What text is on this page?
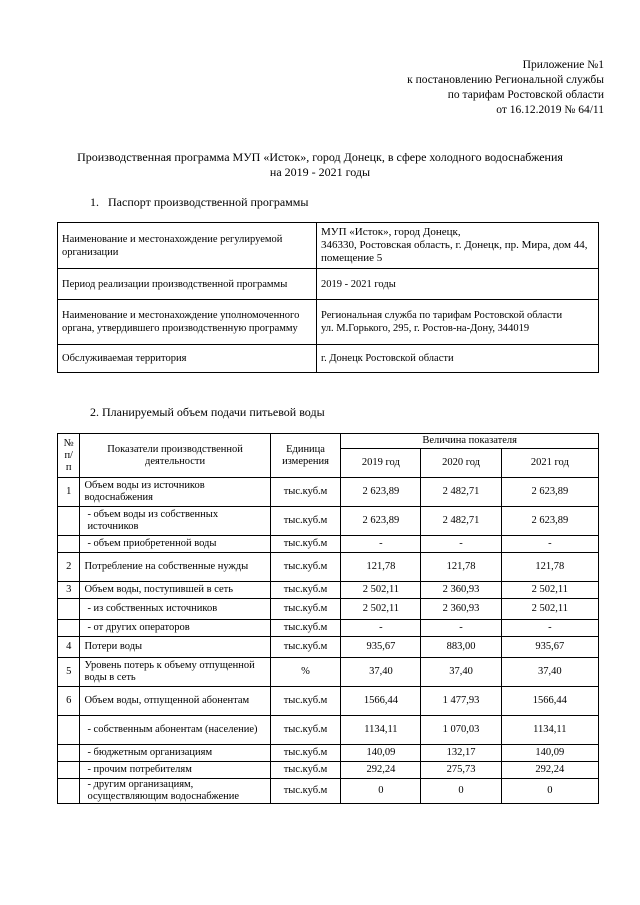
Приложение №1
к постановлению Региональной службы
по тарифам Ростовской области
от 16.12.2019 № 64/11
Производственная программа МУП «Исток», город Донецк, в сфере холодного водоснабжения
на 2019 - 2021 годы
1.   Паспорт производственной программы
Наименование и местонахождение регулируемой организации	МУП «Исток», город Донецк,
346330, Ростовская область, г. Донецк, пр. Мира, дом 44, помещение 5

Период реализации производственной программы	2019 - 2021 годы
Наименование и местонахождение уполномоченного органа, утвердившего производственную программу	Региональная служба по тарифам Ростовской области
ул. М.Горького, 295, г. Ростов-на-Дону, 344019

Обслуживаемая территория	г. Донецк Ростовской области
2. Планируемый объем подачи питьевой воды
№ п/п	Показатели производственной деятельности	Единица измерения	Величина показателя		
			2019 год	2020 год	2021 год
1	Объем воды из источников водоснабжения	тыс.куб.м	2 623,89	2 482,71	2 623,89
	- объем воды из собственных источников	тыс.куб.м	2 623,89	2 482,71	2 623,89
	- объем приобретенной воды	тыс.куб.м	-	-	-
2	Потребление на собственные нужды	тыс.куб.м	121,78	121,78	121,78
3	Объем воды, поступившей в сеть	тыс.куб.м	2 502,11	2 360,93	2 502,11
	- из собственных источников	тыс.куб.м	2 502,11	2 360,93	2 502,11
	- от других операторов	тыс.куб.м	-	-	-
4	Потери воды	тыс.куб.м	935,67	883,00	935,67
5	Уровень потерь к объему отпущенной воды в сеть	%	37,40	37,40	37,40
6	Объем воды, отпущенной абонентам	тыс.куб.м	1566,44	1 477,93	1566,44
	- собственным абонентам (население)	тыс.куб.м	1134,11	1 070,03	1134,11
	- бюджетным организациям	тыс.куб.м	140,09	132,17	140,09
	- прочим потребителям	тыс.куб.м	292,24	275,73	292,24
	- другим организациям, осуществляющим водоснабжение	тыс.куб.м	0	0	0
